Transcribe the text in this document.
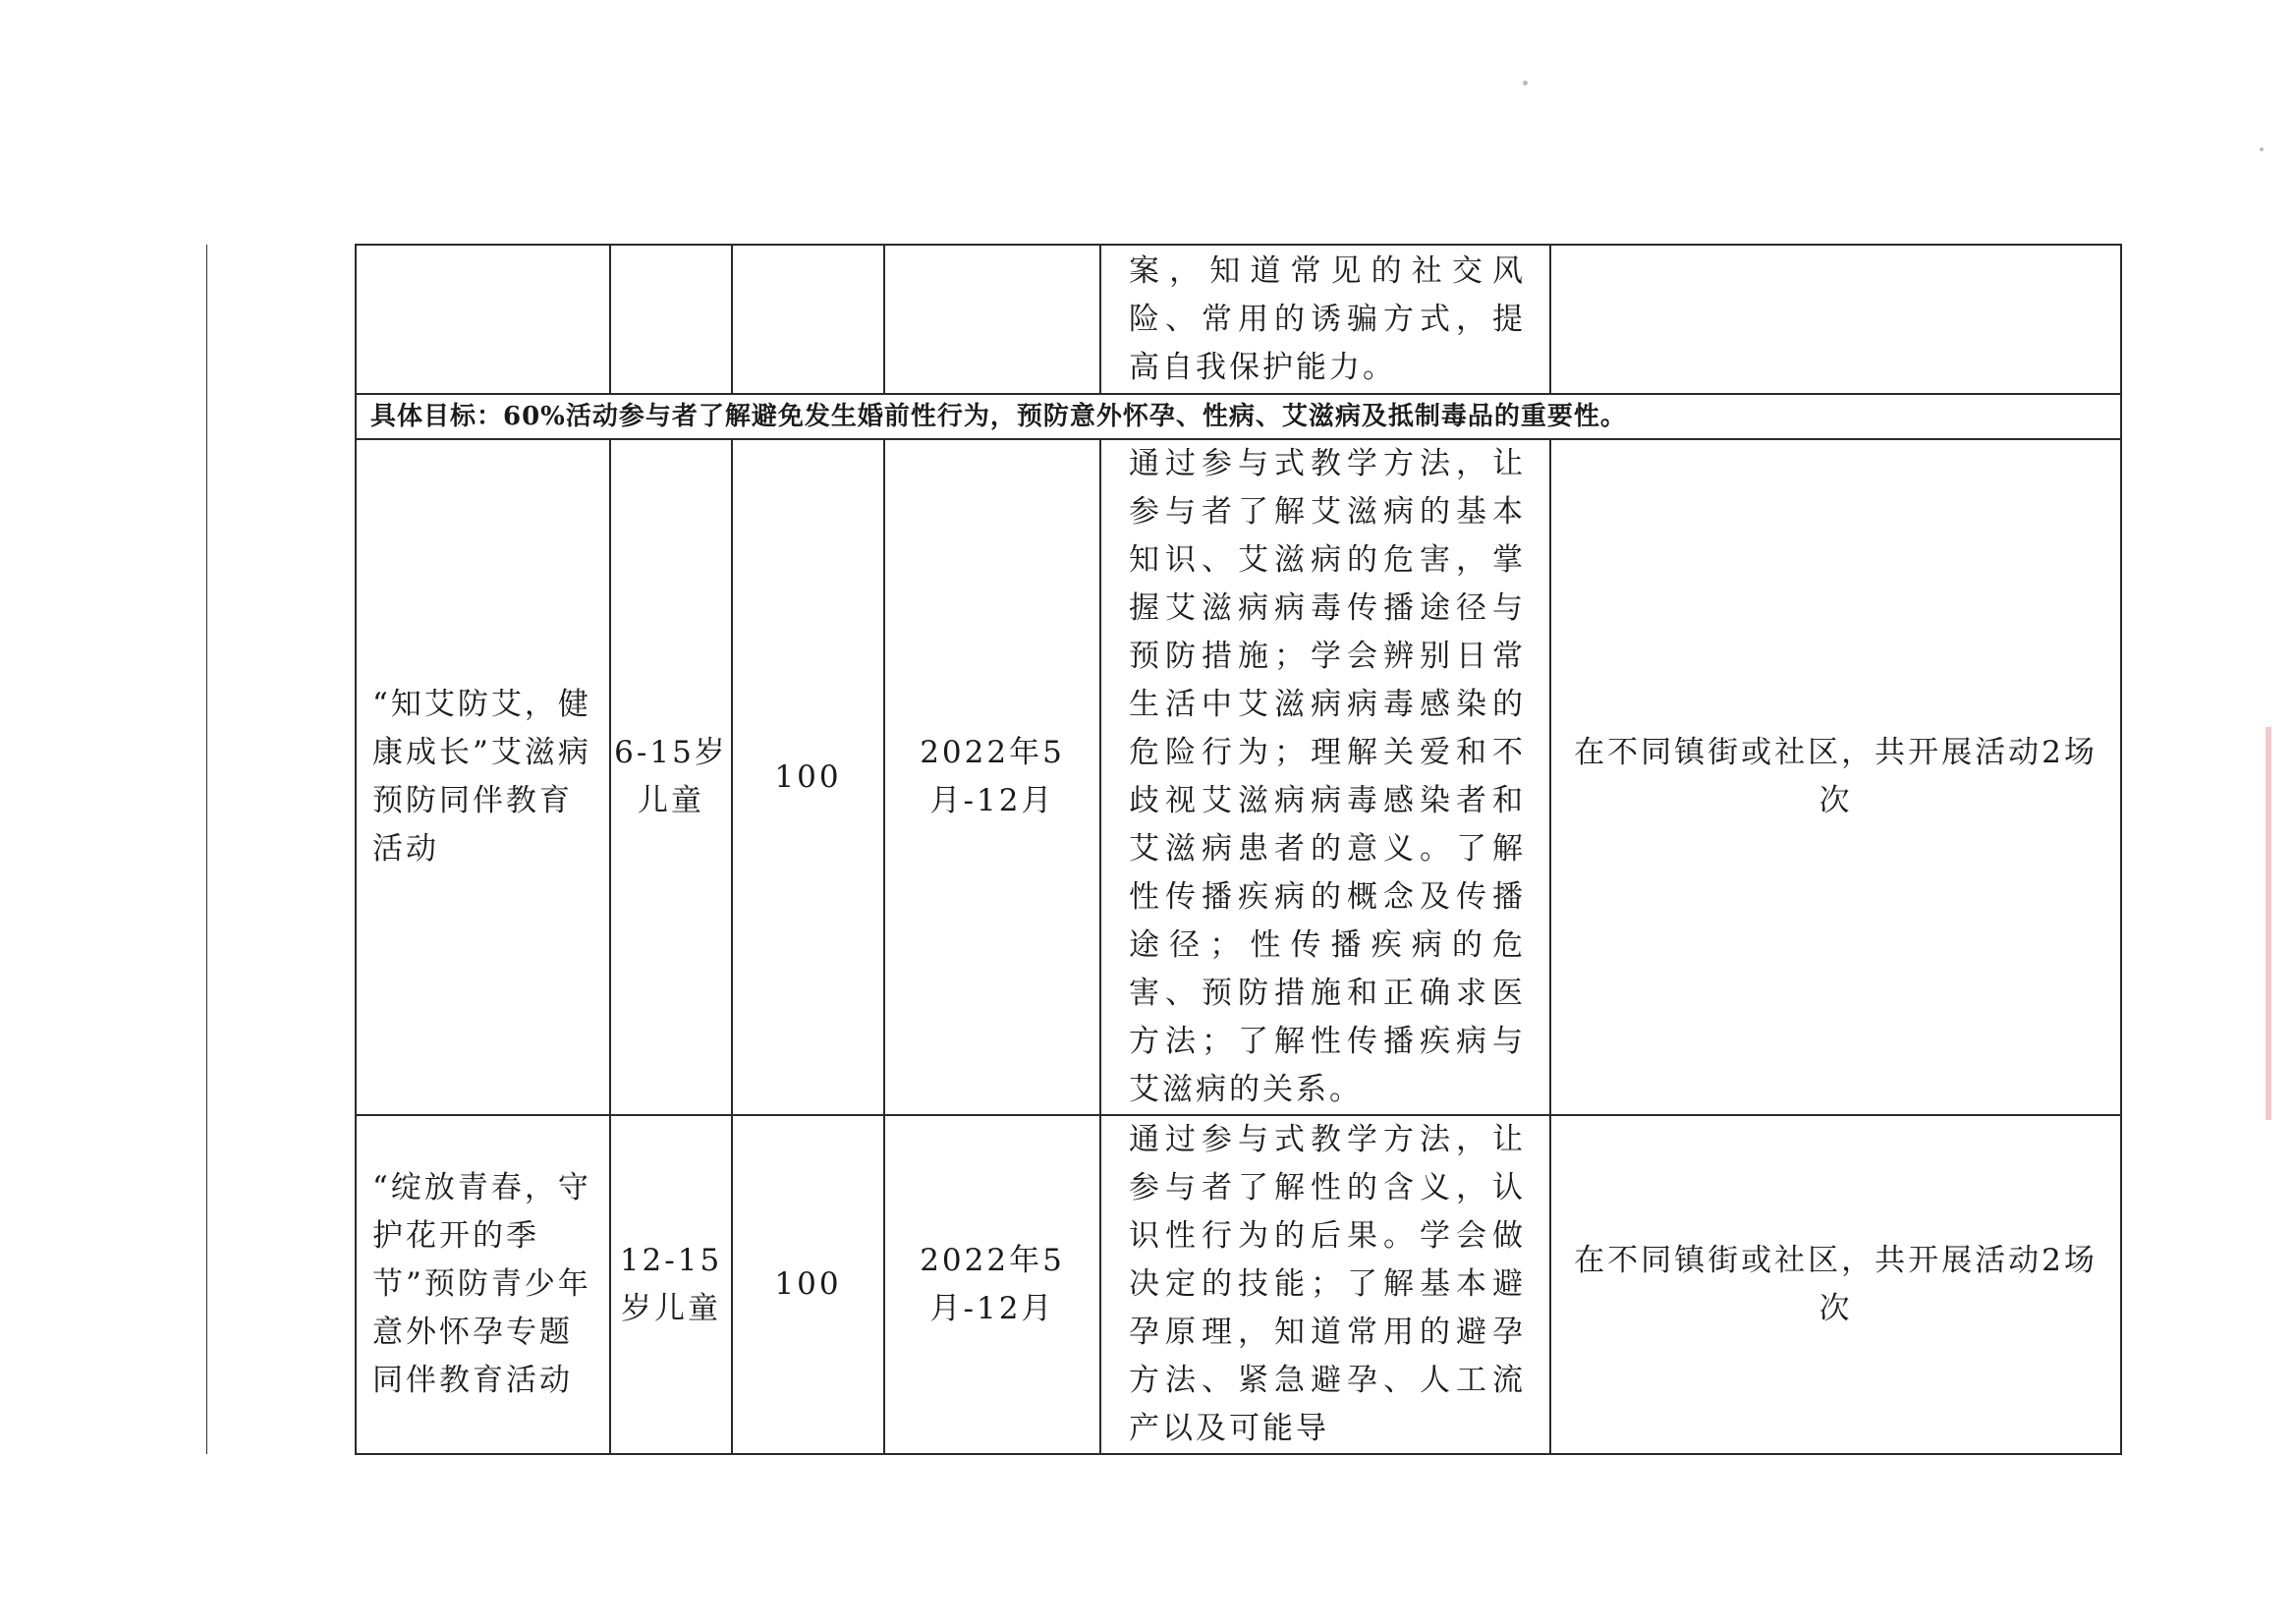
					案，知道常见的社交风险、常用的诱骗方式，提高自我保护能力。	

	具体目标：60%活动参与者了解避免发生婚前性行为，预防意外怀孕、性病、艾滋病及抵制毒品的重要性。					

	“知艾防艾，健康成长”艾滋病预防同伴教育活动	6-15岁儿童	100	2022年5月-12月	通过参与式教学方法，让参与者了解艾滋病的基本知识、艾滋病的危害，掌握艾滋病病毒传播途径与预防措施；学会辨别日常生活中艾滋病病毒感染的危险行为；理解关爱和不歧视艾滋病病毒感染者和艾滋病患者的意义。了解性传播疾病的概念及传播途径；性传播疾病的危害、预防措施和正确求医方法；了解性传播疾病与艾滋病的关系。	在不同镇街或社区，共开展活动2场次

	“绽放青春，守护花开的季节”预防青少年意外怀孕专题同伴教育活动	12-15岁儿童	100	2022年5月-12月	通过参与式教学方法，让参与者了解性的含义，认识性行为的后果。学会做决定的技能；了解基本避孕原理，知道常用的避孕方法、紧急避孕、人工流产以及可能导	在不同镇街或社区，共开展活动2场次
